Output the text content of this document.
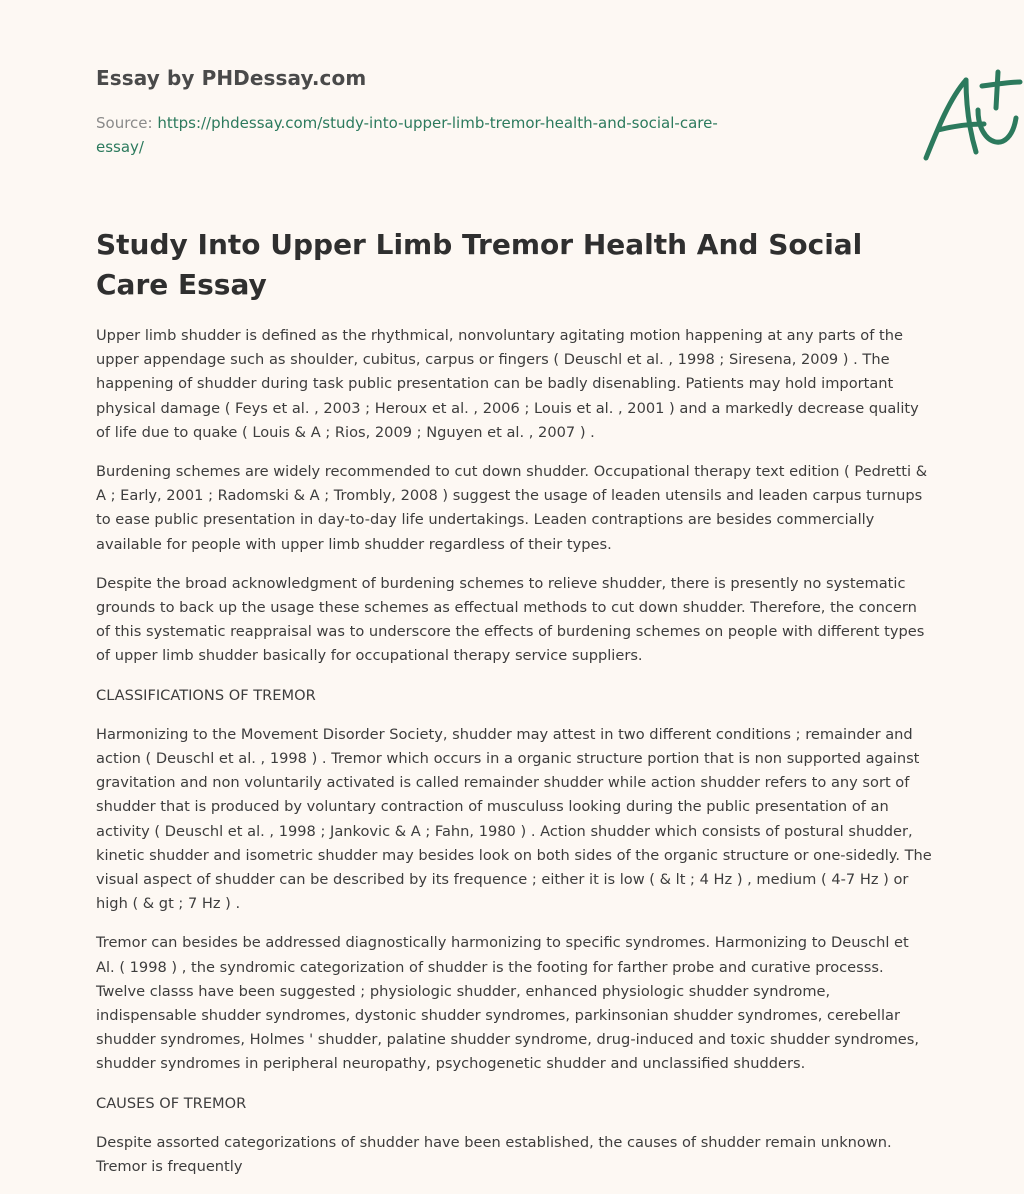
Essay by PHDessay.com
Source: https://phdessay.com/study-into-upper-limb-tremor-health-and-social-care-essay/
Study Into Upper Limb Tremor Health And Social Care Essay

Upper limb shudder is defined as the rhythmical, nonvoluntary agitating motion happening at any parts of the upper appendage such as shoulder, cubitus, carpus or fingers ( Deuschl et al. , 1998 ; Siresena, 2009 ) . The happening of shudder during task public presentation can be badly disenabling. Patients may hold important physical damage ( Feys et al. , 2003 ; Heroux et al. , 2006 ; Louis et al. , 2001 ) and a markedly decrease quality of life due to quake ( Louis & A ; Rios, 2009 ; Nguyen et al. , 2007 ) .

Burdening schemes are widely recommended to cut down shudder. Occupational therapy text edition ( Pedretti & A ; Early, 2001 ; Radomski & A ; Trombly, 2008 ) suggest the usage of leaden utensils and leaden carpus turnups to ease public presentation in day-to-day life undertakings. Leaden contraptions are besides commercially available for people with upper limb shudder regardless of their types.

Despite the broad acknowledgment of burdening schemes to relieve shudder, there is presently no systematic grounds to back up the usage these schemes as effectual methods to cut down shudder. Therefore, the concern of this systematic reappraisal was to underscore the effects of burdening schemes on people with different types of upper limb shudder basically for occupational therapy service suppliers.

CLASSIFICATIONS OF TREMOR

Harmonizing to the Movement Disorder Society, shudder may attest in two different conditions ; remainder and action ( Deuschl et al. , 1998 ) . Tremor which occurs in a organic structure portion that is non supported against gravitation and non voluntarily activated is called remainder shudder while action shudder refers to any sort of shudder that is produced by voluntary contraction of musculuss looking during the public presentation of an activity ( Deuschl et al. , 1998 ; Jankovic & A ; Fahn, 1980 ) . Action shudder which consists of postural shudder, kinetic shudder and isometric shudder may besides look on both sides of the organic structure or one-sidedly. The visual aspect of shudder can be described by its frequence ; either it is low ( & lt ; 4 Hz ) , medium ( 4-7 Hz ) or high ( & gt ; 7 Hz ) .

Tremor can besides be addressed diagnostically harmonizing to specific syndromes. Harmonizing to Deuschl et Al. ( 1998 ) , the syndromic categorization of shudder is the footing for farther probe and curative processs. Twelve classs have been suggested ; physiologic shudder, enhanced physiologic shudder syndrome, indispensable shudder syndromes, dystonic shudder syndromes, parkinsonian shudder syndromes, cerebellar shudder syndromes, Holmes ' shudder, palatine shudder syndrome, drug-induced and toxic shudder syndromes, shudder syndromes in peripheral neuropathy, psychogenetic shudder and unclassified shudders.

CAUSES OF TREMOR

Despite assorted categorizations of shudder have been established, the causes of shudder remain unknown. Tremor is frequently
